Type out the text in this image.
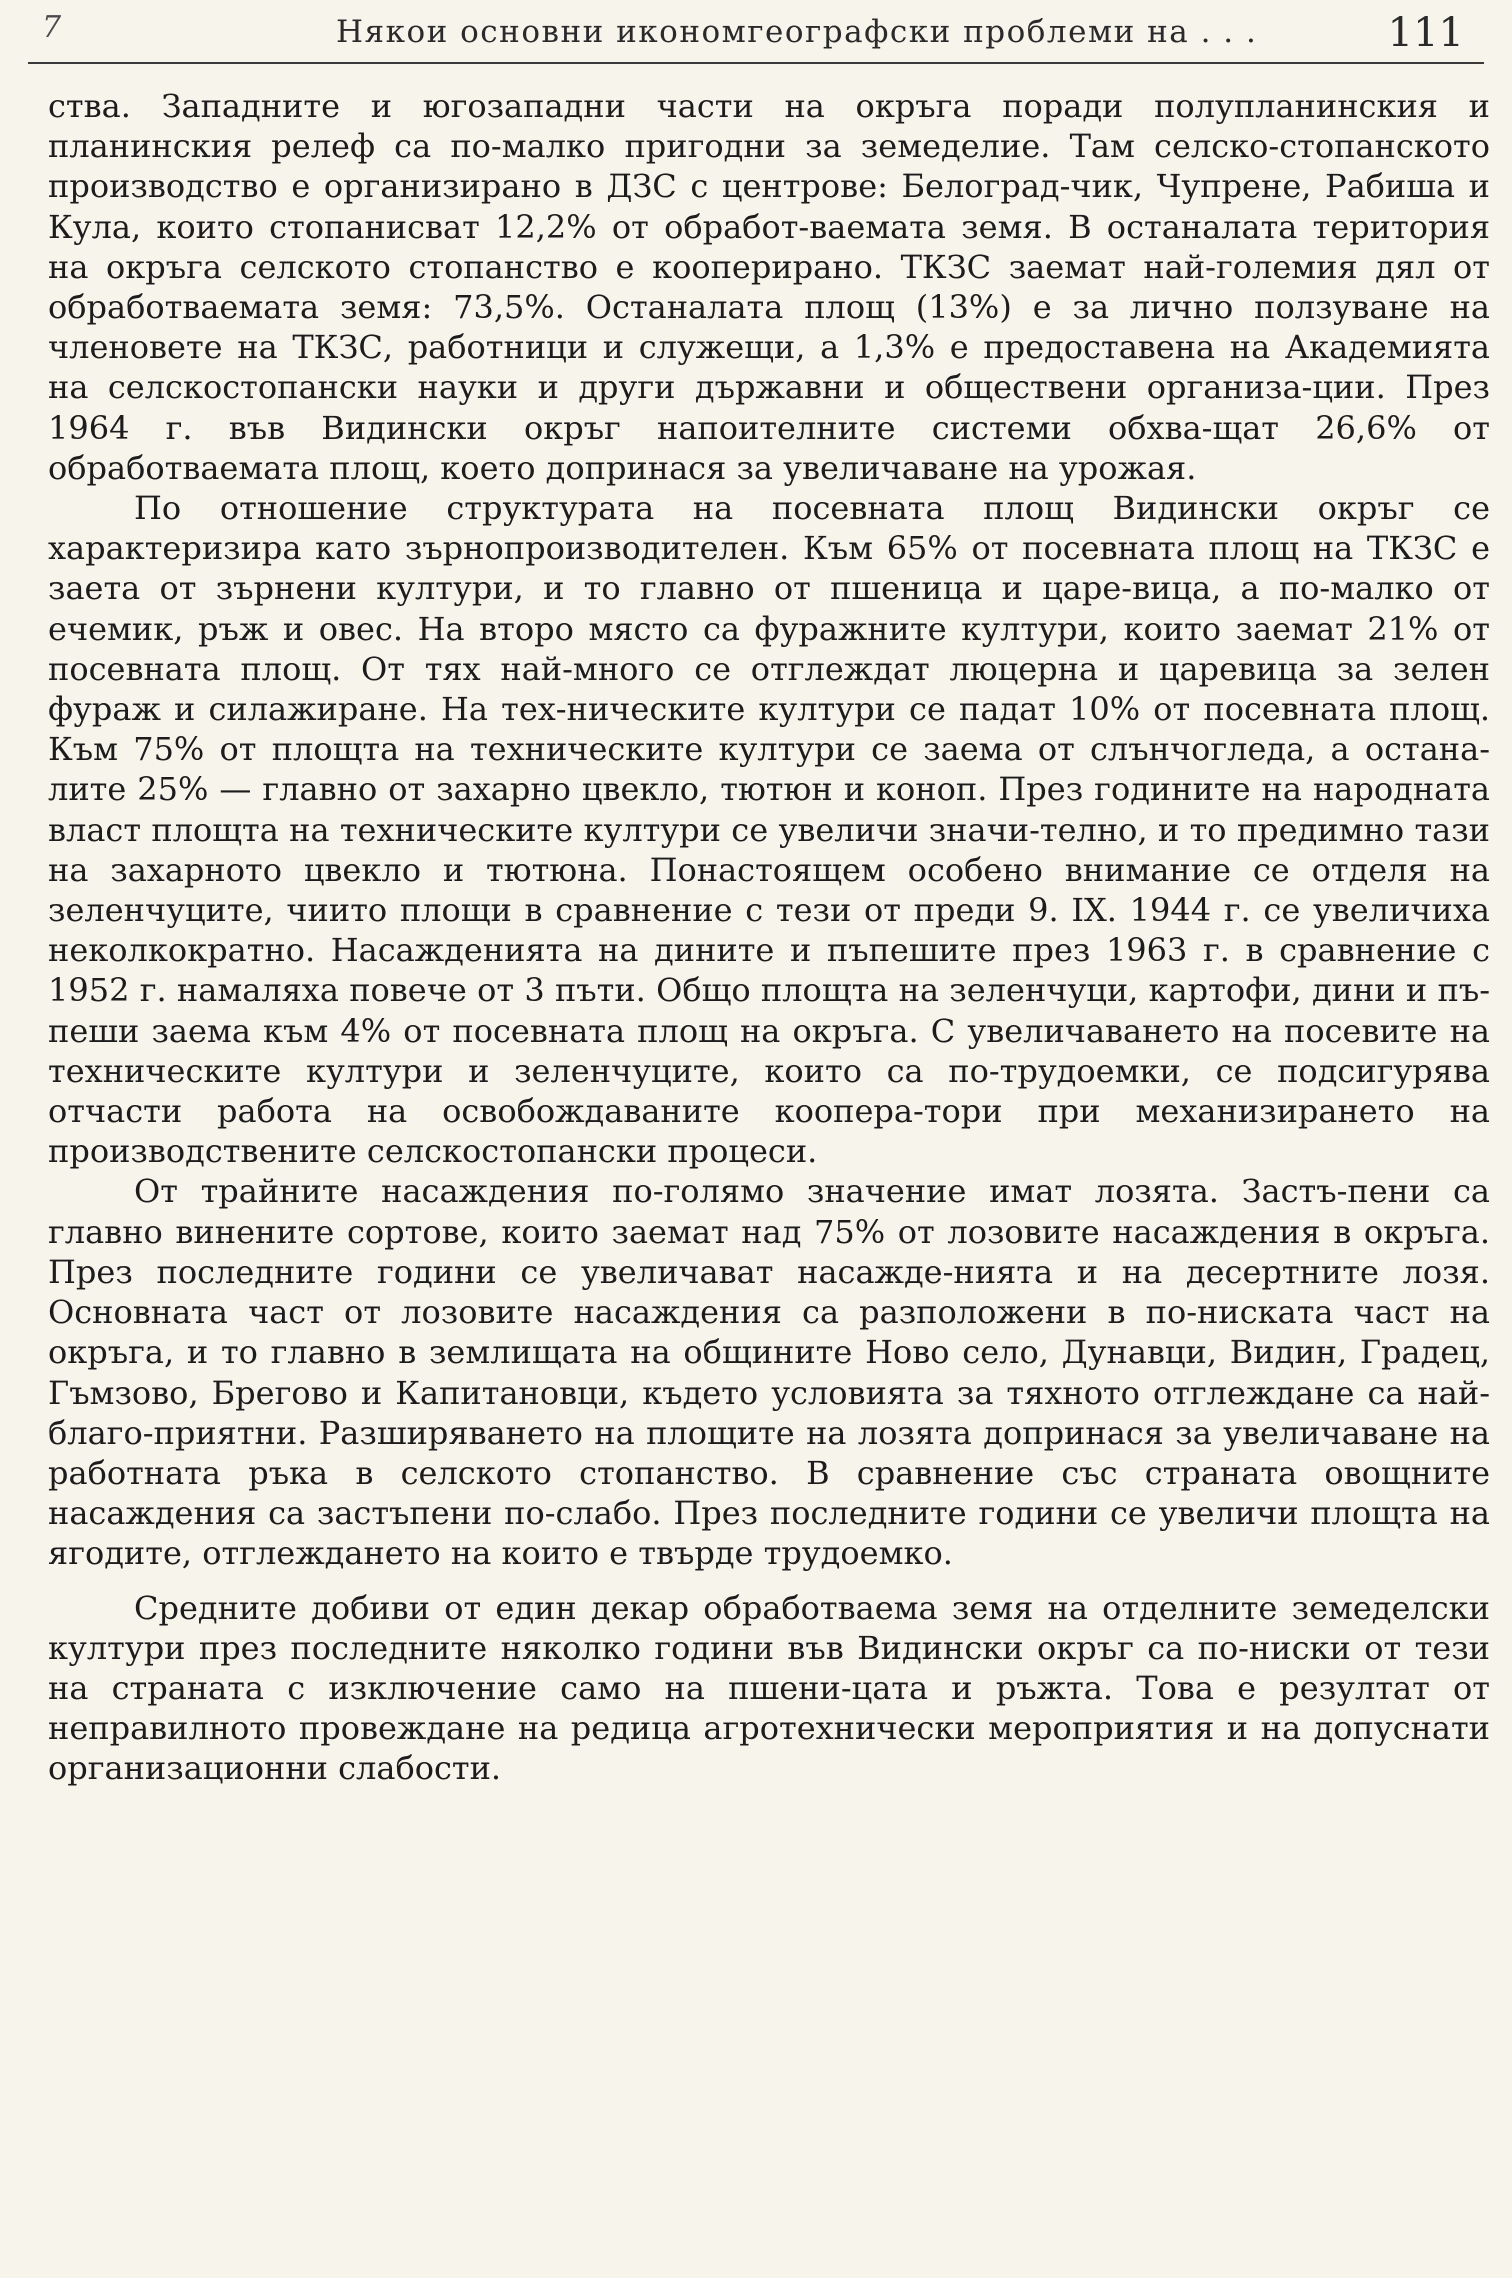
7	Някои основни икономгеографски проблеми на . . .	111

ства. Западните и югозападни части на окръга поради полупланинския и планинския релеф са по-малко пригодни за земеделие. Там селско-стопанското производство е организирано в ДЗС с центрове: Белоград-чик, Чупрене, Рабиша и Кула, които стопанисват 12,2% от обработ-ваемата земя. В останалата територия на окръга селското стопанство е кооперирано. ТКЗС заемат най-големия дял от обработваемата земя: 73,5%. Останалата площ (13%) е за лично ползуване на членовете на ТКЗС, работници и служещи, а 1,3% е предоставена на Академията на селскостопански науки и други държавни и обществени организа-ции. През 1964 г. във Видински окръг напоителните системи обхва-щат 26,6% от обработваемата площ, което допринася за увеличаване на урожая.

По отношение структурата на посевната площ Видински окръг се характеризира като зърнопроизводителен. Към 65% от посевната площ на ТКЗС е заета от зърнени култури, и то главно от пшеница и царе-вица, а по-малко от ечемик, ръж и овес. На второ място са фуражните култури, които заемат 21% от посевната площ. От тях най-много се отглеждат люцерна и царевица за зелен фураж и силажиране. На тех-ническите култури се падат 10% от посевната площ. Към 75% от площта на техническите култури се заема от слънчогледа, а остана-лите 25% — главно от захарно цвекло, тютюн и коноп. През годините на народната власт площта на техническите култури се увеличи значи-телно, и то предимно тази на захарното цвекло и тютюна. Понастоящем особено внимание се отделя на зеленчуците, чиито площи в сравнение с тези от преди 9. IX. 1944 г. се увеличиха неколкократно. Насажденията на дините и пъпешите през 1963 г. в сравнение с 1952 г. намаляха повече от 3 пъти. Общо площта на зеленчуци, картофи, дини и пъ-пеши заема към 4% от посевната площ на окръга. С увеличаването на посевите на техническите култури и зеленчуците, които са по-трудоемки, се подсигурява отчасти работа на освобождаваните коопера-тори при механизирането на производствените селскостопански процеси.

От трайните насаждения по-голямо значение имат лозята. Застъ-пени са главно винените сортове, които заемат над 75% от лозовите насаждения в окръга. През последните години се увеличават насажде-нията и на десертните лозя. Основната част от лозовите насаждения са разположени в по-ниската част на окръга, и то главно в землищата на общините Ново село, Дунавци, Видин, Градец, Гъмзово, Брегово и Капитановци, където условията за тяхното отглеждане са най-благо-приятни. Разширяването на площите на лозята допринася за увеличаване на работната ръка в селското стопанство. В сравнение със страната овощните насаждения са застъпени по-слабо. През последните години се увеличи площта на ягодите, отглеждането на които е твърде трудоемко.

Средните добиви от един декар обработваема земя на отделните земеделски култури през последните няколко години във Видински окръг са по-ниски от тези на страната с изключение само на пшени-цата и ръжта. Това е резултат от неправилното провеждане на редица агротехнически мероприятия и на допуснати организационни слабости.
